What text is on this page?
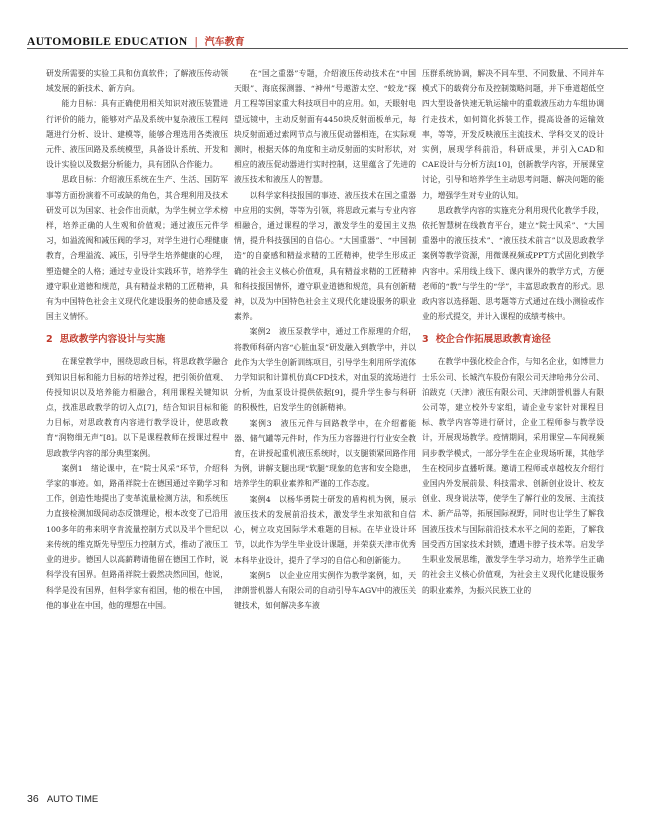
AUTOMOBILE EDUCATION | 汽车教育

研发所需要的实验工具和仿真软件；了解液压传动领域发展的新技术、新方向。

能力目标：具有正确使用相关知识对液压装置进行评价的能力，能够对产品及系统中复杂液压工程问题进行分析、设计、建模等，能够合理选用各类液压元件、液压回路及系统模型，具备设计系统、开发和设计实验以及数据分析能力，具有团队合作能力。

思政目标：介绍液压系统在生产、生活、国防军事等方面扮演着不可或缺的角色，其合理利用及技术研发可以为国家、社会作出贡献，为学生树立学术榜样，培养正确的人生观和价值观；通过液压元件学习，如溢流阀和减压阀的学习，对学生进行心理健康教育，合理溢流、减压，引导学生培养健康的心理，塑造健全的人格；通过专业设计实践环节，培养学生遵守职业道德和规范，具有精益求精的工匠精神，具有为中国特色社会主义现代化建设服务的使命感及爱国主义情怀。

2 思政教学内容设计与实施

在课堂教学中，围绕思政目标，将思政教学融合到知识目标和能力目标的培养过程，把引领价值观、传授知识以及培养能力相融合，利用课程关键知识点，找准思政教学的切入点[7]，结合知识目标和能力目标，对思政教育内容进行教学设计，使思政教育“润物细无声”[8]。以下是课程教师在授课过程中思政教学内容的部分典型案例。

案例1　绪论课中，在“院士风采”环节，介绍科学家的事迹。如，路甬祥院士在德国通过辛勤学习和工作，创造性地提出了变革流量检测方法，和系统压力直接检测加级间动态反馈理论，根本改变了已沿用100多年的弗来明亨肯流量控制方式以及半个世纪以来传统的维克斯先导型压力控制方式，推动了液压工业的进步。德国人以高薪聘请他留在德国工作时，说科学没有国界。但路甬祥院士毅然决然回国，他说，科学是没有国界，但科学家有祖国，他的根在中国，他的事业在中国，他的理想在中国。

在“国之重器”专题，介绍液压传动技术在“中国天眼”、海底探测器、“神州”号遨游太空、“蛟龙”探月工程等国家重大科技项目中的应用。如，天眼射电望远镜中，主动反射面有4450块反射面板单元，每块反射面通过索网节点与液压促动器相连，在实际观测时，根据天体的角度和主动反射面的实时形状，对相应的液压促动器进行实时控制，这里蕴含了先进的液压技术和液压人的智慧。

以科学家科技报国的事迹、液压技术在国之重器中应用的实例，等等为引领，将思政元素与专业内容相融合，通过课程的学习，激发学生的爱国主义热情，提升科技强国的自信心。“大国重器”、“中国制造”的自豪感和精益求精的工匠精神，使学生形成正确的社会主义核心价值观，具有精益求精的工匠精神和科技报国情怀，遵守职业道德和规范，具有创新精神，以及为中国特色社会主义现代化建设服务的职业素养。

案例2　液压泵教学中，通过工作原理的介绍，将教师科研内容“心脏血泵”研发融入到教学中，并以此作为大学生创新训练项目，引导学生利用所学流体力学知识和计算机仿真CFD技术，对血泵的流场进行分析，为血泵设计提供依据[9]，提升学生参与科研的积极性，启发学生的创新精神。

案例3　液压元件与回路教学中，在介绍蓄能器、储气罐等元件时，作为压力容器进行行业安全教育，在讲授起重机液压系统时，以支腿锁紧回路作用为例，讲解支腿出现“软腿”现象的危害和安全隐患，培养学生的职业素养和严谨的工作态度。

案例4　以杨华勇院士研发的盾构机为例，展示液压技术的发展前沿技术，激发学生求知欲和自信心，树立攻克国际学术难题的目标。在毕业设计环节，以此作为学生毕业设计课题，并荣获天津市优秀本科毕业设计，提升了学习的自信心和创新能力。

案例5　以企业应用实例作为教学案例，如，天津朗誉机器人有限公司的自动引导车AGV中的液压关键技术，如何解决多车液

压群系统协调，解决不同车型、不同数量、不同并车模式下的载荷分布及控制策略问题，并下垂道超低空四大型设备快速无轨运输中的重载液压动力车组协调行走技术，如何简化拆装工作，提高设备的运输效率，等等，开发反映液压主流技术、学科交叉的设计实例，展现学科前沿，科研成果，并引入CAD和CAE设计与分析方法[10]，创新教学内容，开展课堂讨论，引导和培养学生主动思考问题、解决问题的能力，增强学生对专业的认知。

思政教学内容的实施充分利用现代化教学手段，依托智慧树在线教育平台，建立“院士风采”、“大国重器中的液压技术”、“液压技术前言”以及思政教学案例等教学资源，用微课视频或PPT方式固化到教学内容中。采用线上线下、课内课外的教学方式，方便老师的“教”与学生的“学”，丰富思政教育的形式。思政内容以选择题、思考题等方式通过在线小测验或作业的形式提交，并计入课程的成绩考核中。

3 校企合作拓展思政教育途径

在教学中强化校企合作，与知名企业，如博世力士乐公司、长城汽车股份有限公司天津哈弗分公司、泊跋克（天津）液压有限公司、天津朗誉机器人有限公司等，建立校外专家组，请企业专家针对课程目标、教学内容等进行研讨，企业工程师参与教学设计，开展现场教学。疫情期间，采用课堂—车间视频同步教学模式，一部分学生在企业现场听课，其他学生在校同步直播听课。邀请工程师或卓越校友介绍行业国内外发展前景、科技需求、创新创业设计、校友创业、现身说法等，使学生了解行业的发展、主流技术、新产品等，拓展国际视野，同时也让学生了解我国液压技术与国际前沿技术水平之间的差距，了解我国受西方国家技术封锁，遭遇卡脖子技术等。启发学生职业发展思维，激发学生学习动力，培养学生正确的社会主义核心价值观，为社会主义现代化建设服务的职业素养，为振兴民族工业的

36 AUTO TIME
